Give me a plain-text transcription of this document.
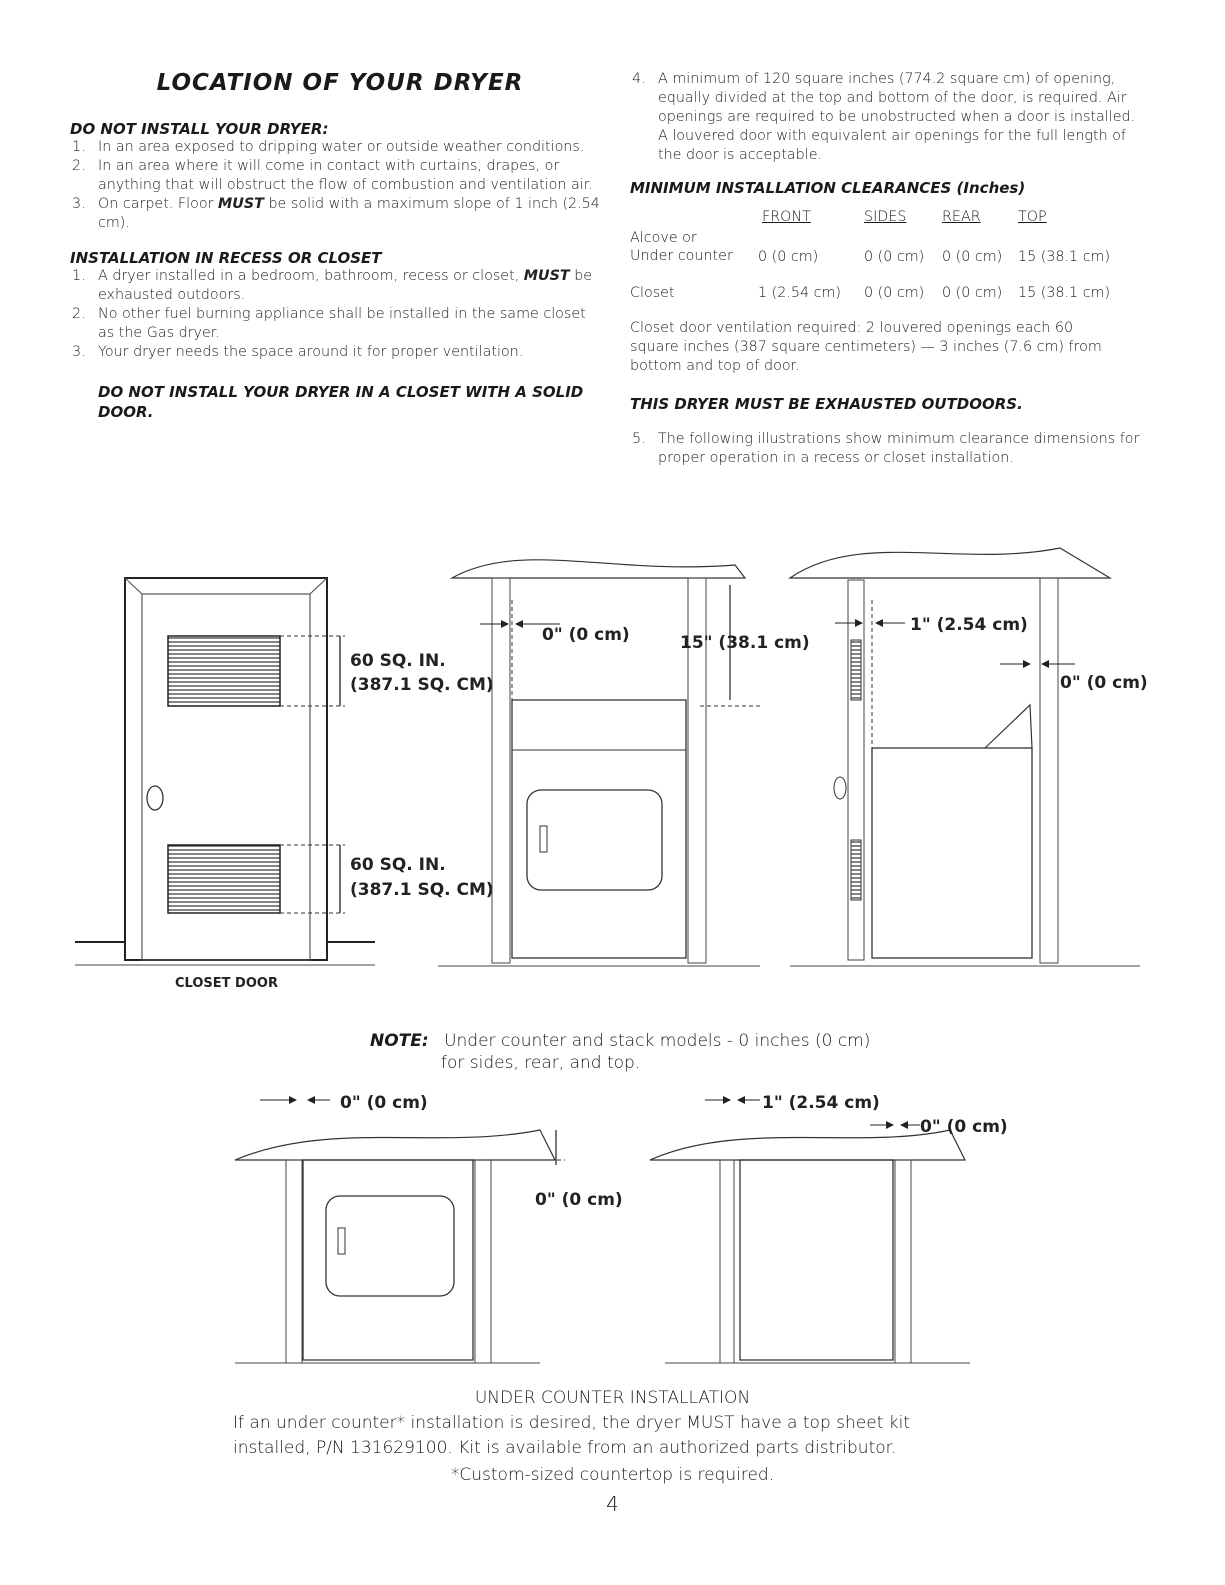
LOCATION OF YOUR DRYER
DO NOT INSTALL YOUR DRYER:
1. In an area exposed to dripping water or outside weather conditions.
2. In an area where it will come in contact with curtains, drapes, or anything that will obstruct the flow of combustion and ventilation air.
3. On carpet. Floor MUST be solid with a maximum slope of 1 inch (2.54 cm).
INSTALLATION IN RECESS OR CLOSET
1. A dryer installed in a bedroom, bathroom, recess or closet, MUST be exhausted outdoors.
2. No other fuel burning appliance shall be installed in the same closet as the Gas dryer.
3. Your dryer needs the space around it for proper ventilation.
DO NOT INSTALL YOUR DRYER IN A CLOSET WITH A SOLID DOOR.
4. A minimum of 120 square inches (774.2 square cm) of opening, equally divided at the top and bottom of the door, is required. Air openings are required to be unobstructed when a door is installed. A louvered door with equivalent air openings for the full length of the door is acceptable.
MINIMUM INSTALLATION CLEARANCES (Inches)
	FRONT	SIDES	REAR	TOP
Alcove or
Under counter	0 (0 cm)	0 (0 cm)	0 (0 cm)	15 (38.1 cm)
Closet	1 (2.54 cm)	0 (0 cm)	0 (0 cm)	15 (38.1 cm)
Closet door ventilation required: 2 louvered openings each 60 square inches (387 square centimeters) — 3 inches (7.6 cm) from bottom and top of door.
THIS DRYER MUST BE EXHAUSTED OUTDOORS.
5. The following illustrations show minimum clearance dimensions for proper operation in a recess or closet installation.
60 SQ. IN.
(387.1 SQ. CM)
60 SQ. IN.
(387.1 SQ. CM)
CLOSET DOOR
0" (0 cm)	15" (38.1 cm)
1" (2.54 cm)
0" (0 cm)
0" (0 cm)
0" (0 cm)
1" (2.54 cm)
0" (0 cm)
NOTE: Under counter and stack models - 0 inches (0 cm)
for sides, rear, and top.
UNDER COUNTER INSTALLATION
If an under counter* installation is desired, the dryer MUST have a top sheet kit
installed, P/N 131629100. Kit is available from an authorized parts distributor.
*Custom-sized countertop is required.
4
